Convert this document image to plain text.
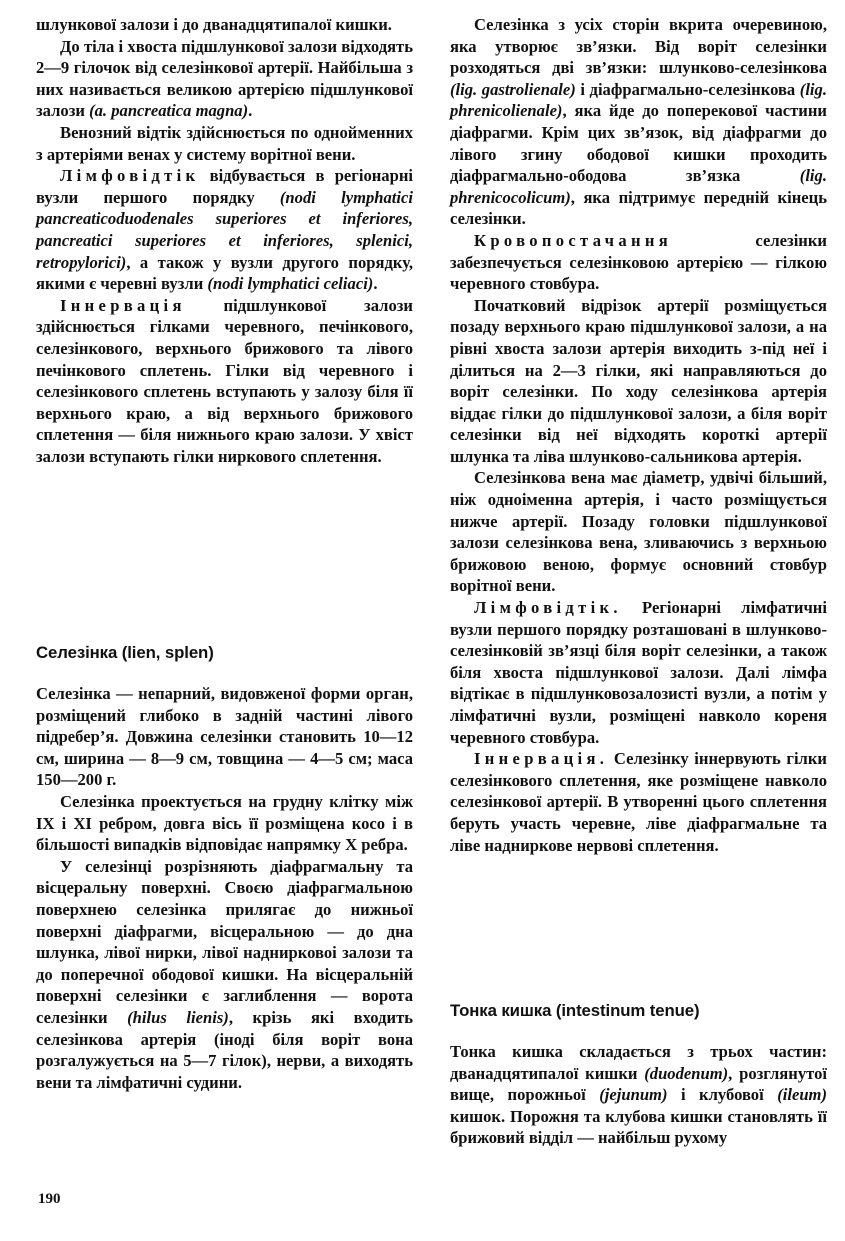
шлункової залози і до дванадцятипалої кишки.

До тіла і хвоста підшлункової залози відходять 2—9 гілочок від селезінкової артерії. Найбільша з них називається великою артерією підшлункової залози (a. pancreatica magna).

Венозний відтік здійснюється по однойменних з артеріями венах у систему ворітної вени.

Лімфовідтік відбувається в регіонарні вузли першого порядку (nodi lymphatici pancreaticoduodenales superiores et inferiores, pancreatici superiores et inferiores, splenici, retropylorici), а також у вузли другого порядку, якими є черевні вузли (nodi lymphatici celiaci).

Іннервація підшлункової залози здійснюється гілками черевного, печінкового, селезінкового, верхнього брижового та лівого печінкового сплетень. Гілки від черевного і селезінкового сплетень вступають у залозу біля її верхнього краю, а від верхнього брижового сплетення — біля нижнього краю залози. У хвіст залози вступають гілки ниркового сплетення.

Селезінка (lien, splen)

Селезінка — непарний, видовженої форми орган, розміщений глибоко в задній частині лівого підребер’я. Довжина селезінки становить 10—12 см, ширина — 8—9 см, товщина — 4—5 см; маса 150—200 г.

Селезінка проектується на грудну клітку між IX і XI ребром, довга вісь її розміщена косо і в більшості випадків відповідає напрямку X ребра.

У селезінці розрізняють діафрагмальну та вісцеральну поверхні. Своєю діафрагмальною поверхнею селезінка прилягає до нижньої поверхні діафрагми, вісцеральною — до дна шлунка, лівої нирки, лівої наднирковоі залози та до поперечної ободової кишки. На вісцеральній поверхні селезінки є заглиблення — ворота селезінки (hilus lienis), крізь які входить селезінкова артерія (іноді біля воріт вона розгалужується на 5—7 гілок), нерви, а виходять вени та лімфатичні судини.

Селезінка з усіх сторін вкрита очеревиною, яка утворює зв’язки. Від воріт селезінки розходяться дві зв’язки: шлунково-селезінкова (lig. gastrolienale) і діафрагмально-селезінкова (lig. phrenicolienale), яка йде до поперекової частини діафрагми. Крім цих зв’язок, від діафрагми до лівого згину ободової кишки проходить діафрагмально-ободова зв’язка (lig. phrenicocolicum), яка підтримує передній кінець селезінки.

Кровопостачання	селезінки забезпечується селезінковою артерією — гілкою черевного стовбура.

Початковий відрізок артерії розміщується позаду верхнього краю підшлункової залози, а на рівні хвоста залози артерія виходить з-під неї і ділиться на 2—3 гілки, які направляються до воріт селезінки. По ходу селезінкова артерія віддає гілки до підшлункової залози, а біля воріт селезінки від неї відходять короткі артерії шлунка та ліва шлунково-сальникова артерія.

Селезінкова вена має діаметр, удвічі більший, ніж одноіменна артерія, і часто розміщується нижче артерії. Позаду головки підшлункової залози селезінкова вена, зливаючись з верхньою брижовою веною, формує основний стовбур ворітної вени.

Лімфовідтік. Регіонарні лімфатичні вузли першого порядку розташовані в шлунково-селезінковій зв’язці біля воріт селезінки, а також біля хвоста підшлункової залози. Далі лімфа відтікає в підшлунковозалозисті вузли, а потім у лімфатичні вузли, розміщені навколо кореня черевного стовбура.

Іннервація. Селезінку іннервують гілки селезінкового сплетення, яке розміщене навколо селезінкової артерії. В утворенні цього сплетення беруть участь черевне, ліве діафрагмальне та ліве надниркове нервові сплетення.

Тонка кишка (intestinum tenue)

Тонка кишка складається з трьох частин: дванадцятипалої кишки (duodenum), розглянутої вище, порожньої (jejunum) і клубової (ileum) кишок. Порожня та клубова кишки становлять її брижовий відділ — найбільш рухому

190
